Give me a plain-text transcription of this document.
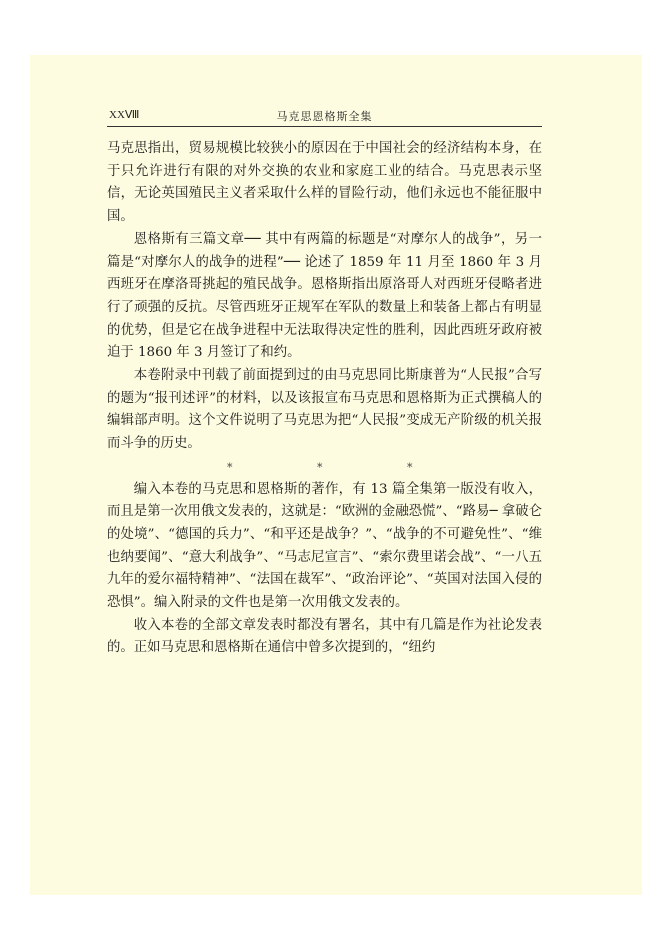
XXⅧ	马克思恩格斯全集

马克思指出，贸易规模比较狭小的原因在于中国社会的经济结构本身，在于只允许进行有限的对外交换的农业和家庭工业的结合。马克思表示坚信，无论英国殖民主义者采取什么样的冒险行动，他们永远也不能征服中国。

恩格斯有三篇文章── 其中有两篇的标题是“对摩尔人的战争”，另一篇是“对摩尔人的战争的进程”── 论述了 1859 年 11 月至 1860 年 3 月西班牙在摩洛哥挑起的殖民战争。恩格斯指出原洛哥人对西班牙侵略者进行了顽强的反抗。尽管西班牙正规军在军队的数量上和装备上都占有明显的优势，但是它在战争进程中无法取得决定性的胜利，因此西班牙政府被迫于 1860 年 3 月签订了和约。

本卷附录中刊载了前面提到过的由马克思同比斯康普为“人民报”合写的题为“报刊述评”的材料，以及该报宣布马克思和恩格斯为正式撰稿人的编辑部声明。这个文件说明了马克思为把“人民报”变成无产阶级的机关报而斗争的历史。

*	*	*

编入本卷的马克思和恩格斯的著作，有 13 篇全集第一版没有收入，而且是第一次用俄文发表的，这就是：“欧洲的金融恐慌”、“路易─ 拿破仑的处境”、“德国的兵力”、“和平还是战争？”、“战争的不可避免性”、“维也纳要闻”、“意大利战争”、“马志尼宣言”、“索尔费里诺会战”、“一八五九年的爱尔福特精神”、“法国在裁军”、“政治评论”、“英国对法国入侵的恐惧”。编入附录的文件也是第一次用俄文发表的。

收入本卷的全部文章发表时都没有署名，其中有几篇是作为社论发表的。正如马克思和恩格斯在通信中曾多次提到的，“纽约
